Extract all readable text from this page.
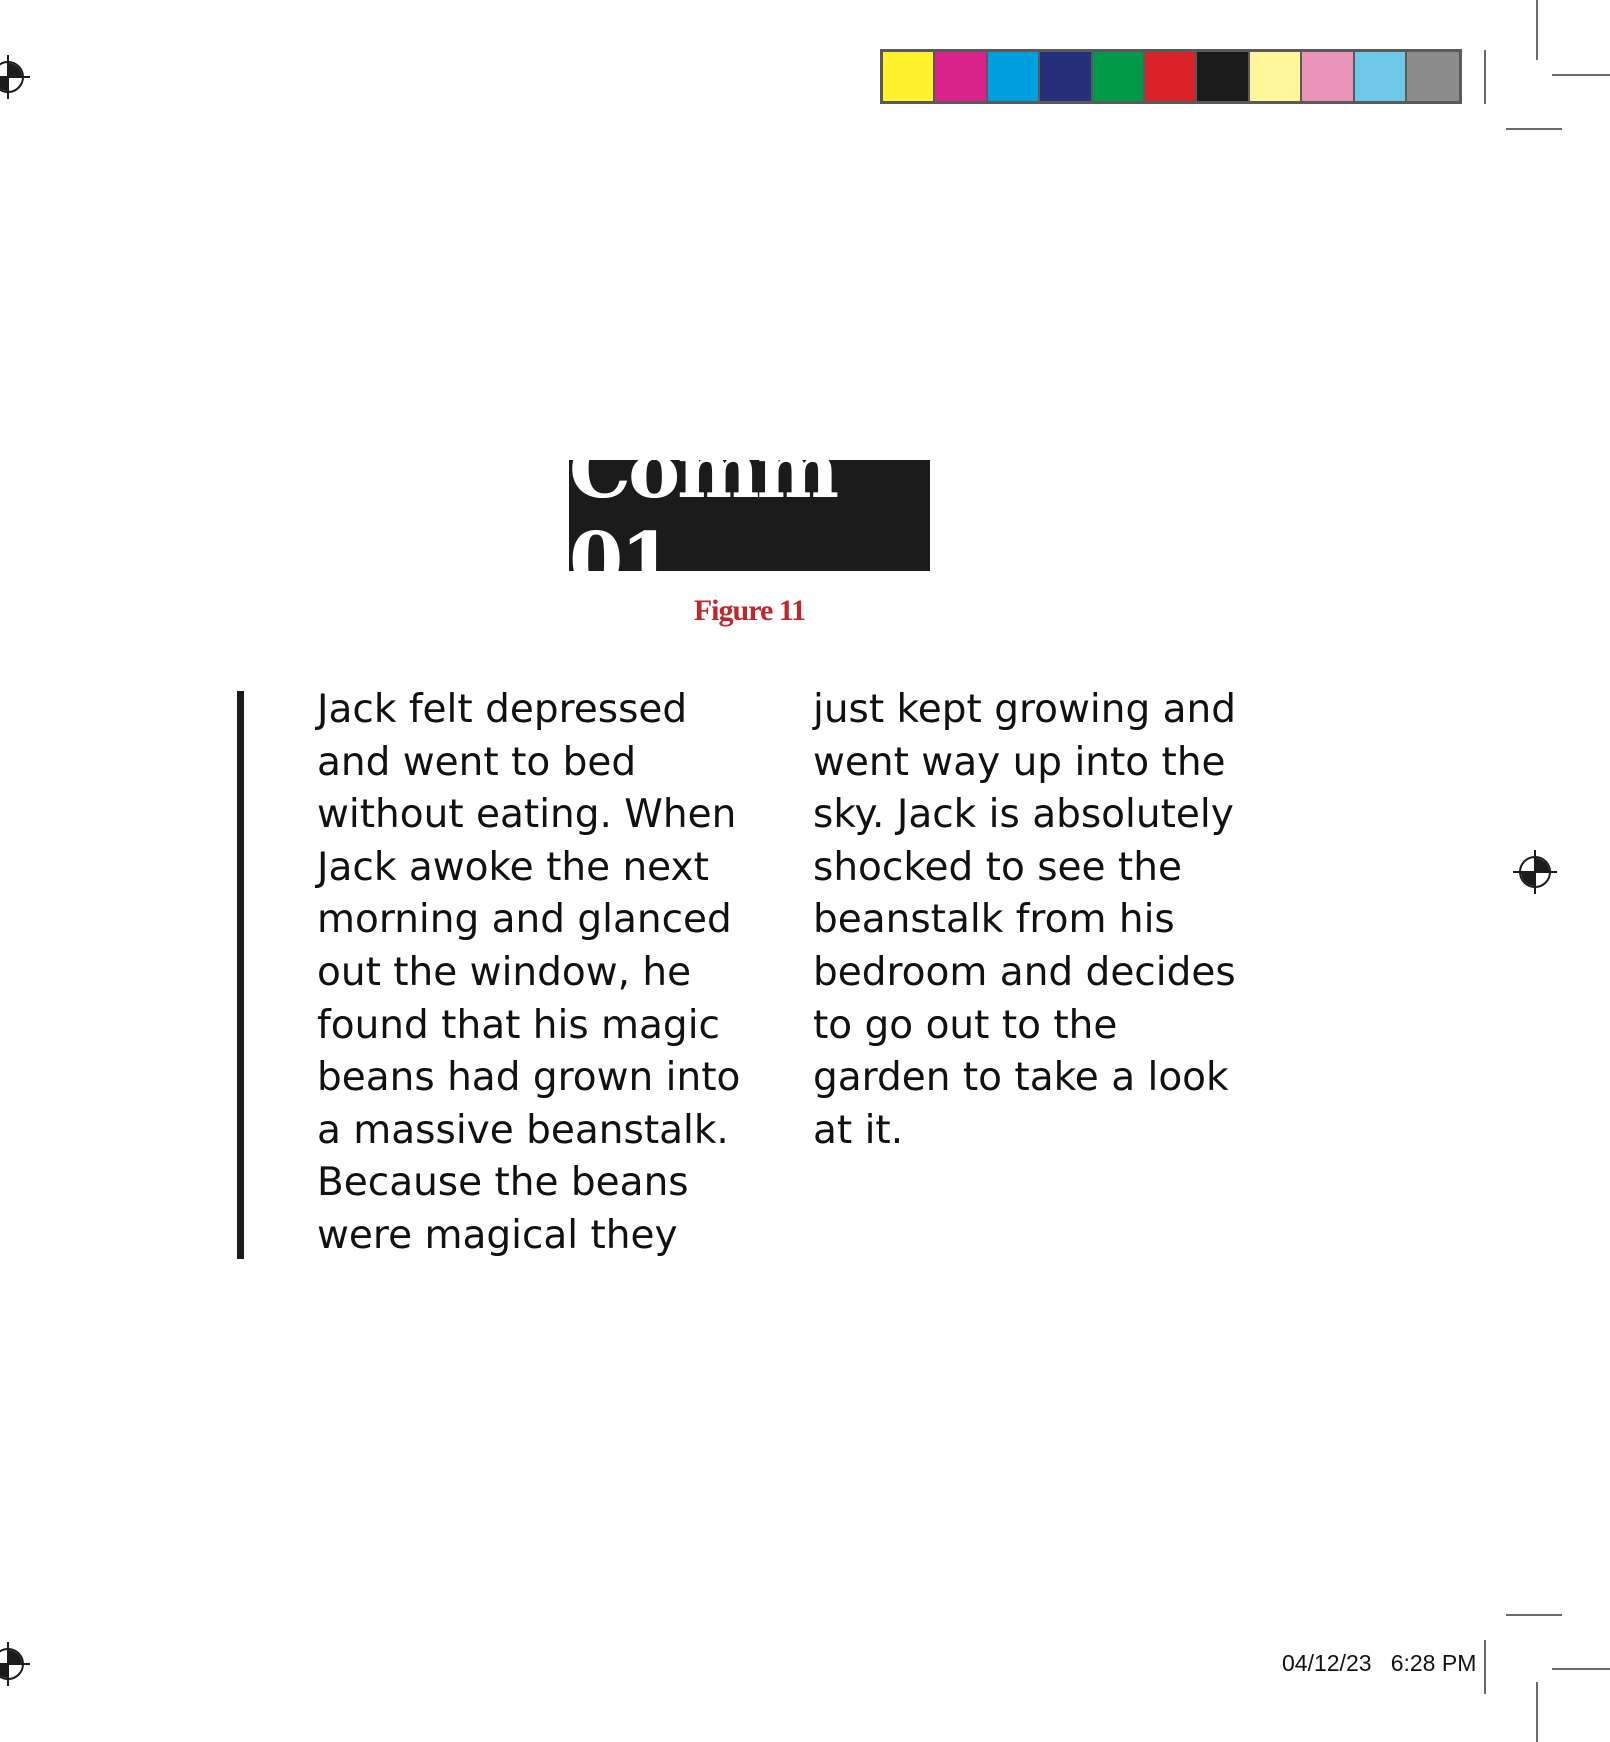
Comm 01
Figure 11
Jack felt depressed
and went to bed
without eating. When
Jack awoke the next
morning and glanced
out the window, he
found that his magic
beans had grown into
a massive beanstalk.
Because the beans
were magical they
just kept growing and
went way up into the
sky. Jack is absolutely
shocked to see the
beanstalk from his
bedroom and decides
to go out to the
garden to take a look
at it.
04/12/23   6:28 PM
